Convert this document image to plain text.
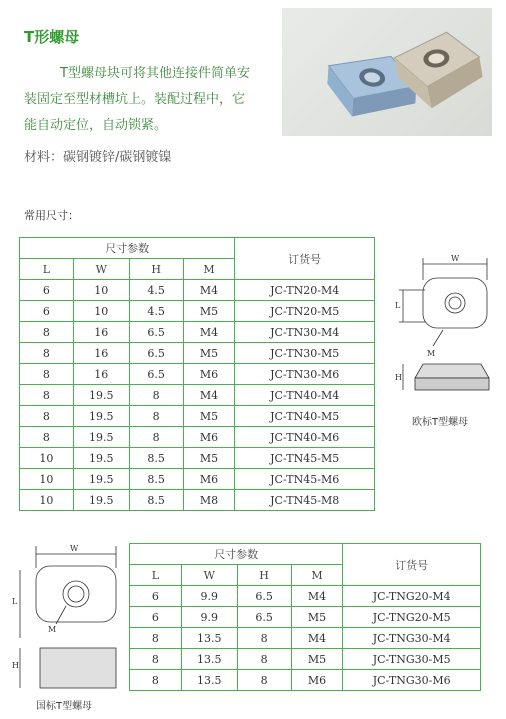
T形螺母
T型螺母块可将其他连接件简单安
装固定至型材槽坑上。装配过程中，它
能自动定位，自动锁紧。
材料：碳钢镀锌/碳钢镀镍
常用尺寸：
尺寸参数				订货号
L	W	H	M	
6	10	4.5	M4	JC-TN20-M4
6	10	4.5	M5	JC-TN20-M5
8	16	6.5	M4	JC-TN30-M4
8	16	6.5	M5	JC-TN30-M5
8	16	6.5	M6	JC-TN30-M6
8	19.5	8	M4	JC-TN40-M4
8	19.5	8	M5	JC-TN40-M5
8	19.5	8	M6	JC-TN40-M6
10	19.5	8.5	M5	JC-TN45-M5
10	19.5	8.5	M6	JC-TN45-M6
10	19.5	8.5	M8	JC-TN45-M8
W
L
M
H
欧标T型螺母
尺寸参数				订货号
L	W	H	M	
6	9.9	6.5	M4	JC-TNG20-M4
6	9.9	6.5	M5	JC-TNG20-M5
8	13.5	8	M4	JC-TNG30-M4
8	13.5	8	M5	JC-TNG30-M5
8	13.5	8	M6	JC-TNG30-M6
W
L
M
H
国标T型螺母
